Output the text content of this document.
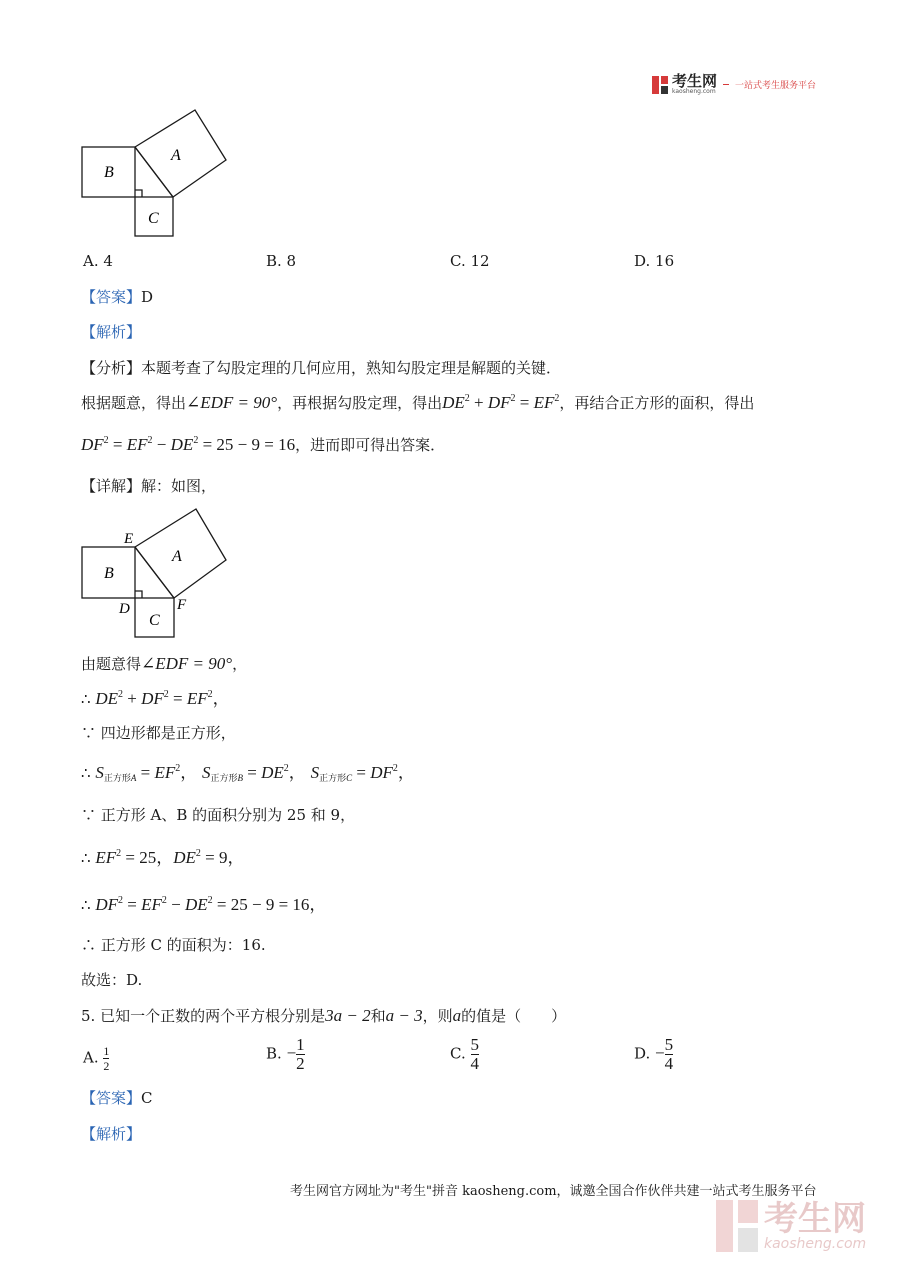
考生网
kaosheng.com
一站式考生服务平台
A
B
C
A. 4	B. 8	C. 12	D. 16
【答案】D
【解析】
【分析】本题考查了勾股定理的几何应用，熟知勾股定理是解题的关键．
根据题意，得出∠EDF = 90°，再根据勾股定理，得出$DE^2 + DF^2 = EF^2$，再结合正方形的面积，得出
$DF^2 = EF^2 - DE^2 = 25 - 9 = 16$，进而即可得出答案．
【详解】解：如图，
E
A
B
D	F
C
由题意得∠EDF = 90°，
∴ $DE^2 + DF^2 = EF^2$，
∵ 四边形都是正方形，
∴ $S_{正方形A} = EF^2$， $S_{正方形B} = DE^2$， $S_{正方形C} = DF^2$，
∵ 正方形 A、B 的面积分别为 25 和 9，
∴ $EF^2 = 25$，$DE^2 = 9$，
∴ $DF^2 = EF^2 - DE^2 = 25 - 9 = 16$，
∴ 正方形 C 的面积为：16.
故选：D.
5. 已知一个正数的两个平方根分别是3a − 2和a − 3，则a的值是（　　）
A. $\frac{1}{2}$	B. − $\frac{1}{2}$	C. $\frac{5}{4}$	D. − $\frac{5}{4}$
【答案】C
【解析】
考生网官方网址为"考生"拼音 kaosheng.com，诚邀全国合作伙伴共建一站式考生服务平台
考生网
kaosheng.com
